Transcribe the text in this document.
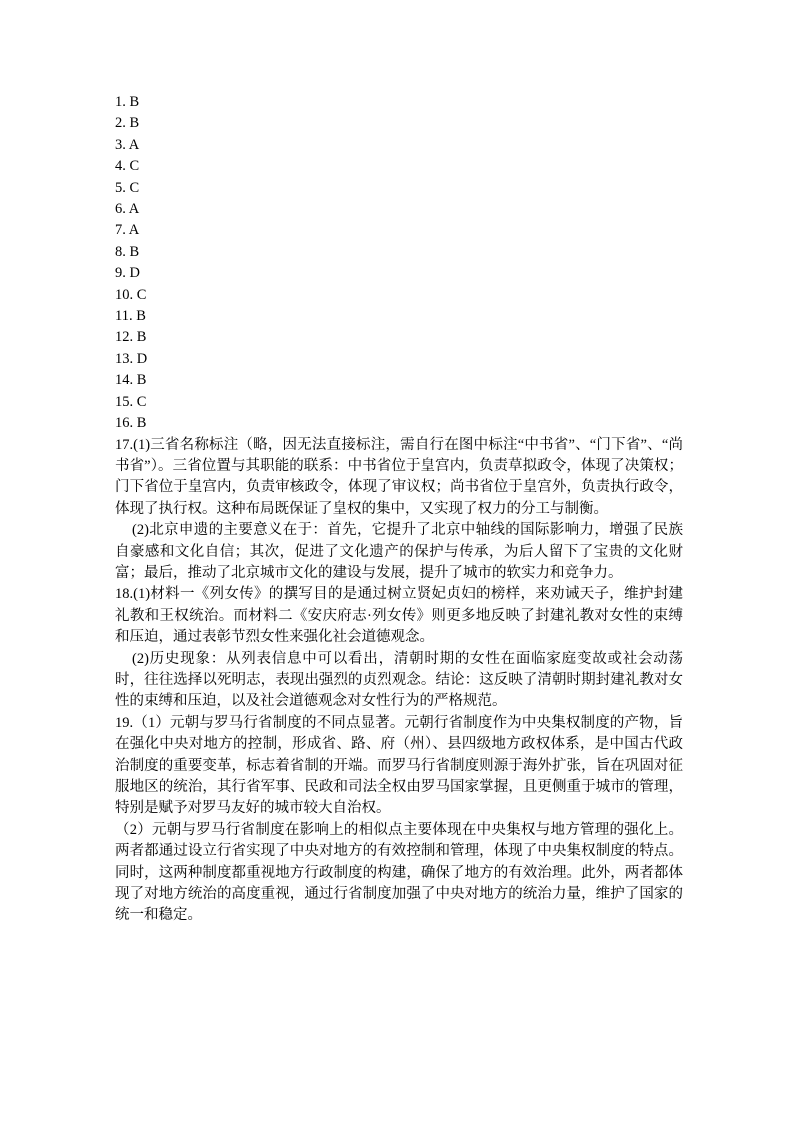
1. B
2. B
3. A
4. C
5. C
6. A
7. A
8. B
9. D
10. C
11. B
12. B
13. D
14. B
15. C
16. B

17.(1)三省名称标注（略，因无法直接标注，需自行在图中标注“中书省”、“门下省”、“尚书省”）。三省位置与其职能的联系：中书省位于皇宫内，负责草拟政令，体现了决策权；门下省位于皇宫内，负责审核政令，体现了审议权；尚书省位于皇宫外，负责执行政令，体现了执行权。这种布局既保证了皇权的集中，又实现了权力的分工与制衡。

(2)北京申遗的主要意义在于：首先，它提升了北京中轴线的国际影响力，增强了民族自豪感和文化自信；其次，促进了文化遗产的保护与传承，为后人留下了宝贵的文化财富；最后，推动了北京城市文化的建设与发展，提升了城市的软实力和竞争力。

18.(1)材料一《列女传》的撰写目的是通过树立贤妃贞妇的榜样，来劝诫天子，维护封建礼教和王权统治。而材料二《安庆府志·列女传》则更多地反映了封建礼教对女性的束缚和压迫，通过表彰节烈女性来强化社会道德观念。

(2)历史现象：从列表信息中可以看出，清朝时期的女性在面临家庭变故或社会动荡时，往往选择以死明志，表现出强烈的贞烈观念。结论：这反映了清朝时期封建礼教对女性的束缚和压迫，以及社会道德观念对女性行为的严格规范。

19.（1）元朝与罗马行省制度的不同点显著。元朝行省制度作为中央集权制度的产物，旨在强化中央对地方的控制，形成省、路、府（州）、县四级地方政权体系，是中国古代政治制度的重要变革，标志着省制的开端。而罗马行省制度则源于海外扩张，旨在巩固对征服地区的统治，其行省军事、民政和司法全权由罗马国家掌握，且更侧重于城市的管理，特别是赋予对罗马友好的城市较大自治权。

（2）元朝与罗马行省制度在影响上的相似点主要体现在中央集权与地方管理的强化上。两者都通过设立行省实现了中央对地方的有效控制和管理，体现了中央集权制度的特点。同时，这两种制度都重视地方行政制度的构建，确保了地方的有效治理。此外，两者都体现了对地方统治的高度重视，通过行省制度加强了中央对地方的统治力量，维护了国家的统一和稳定。
